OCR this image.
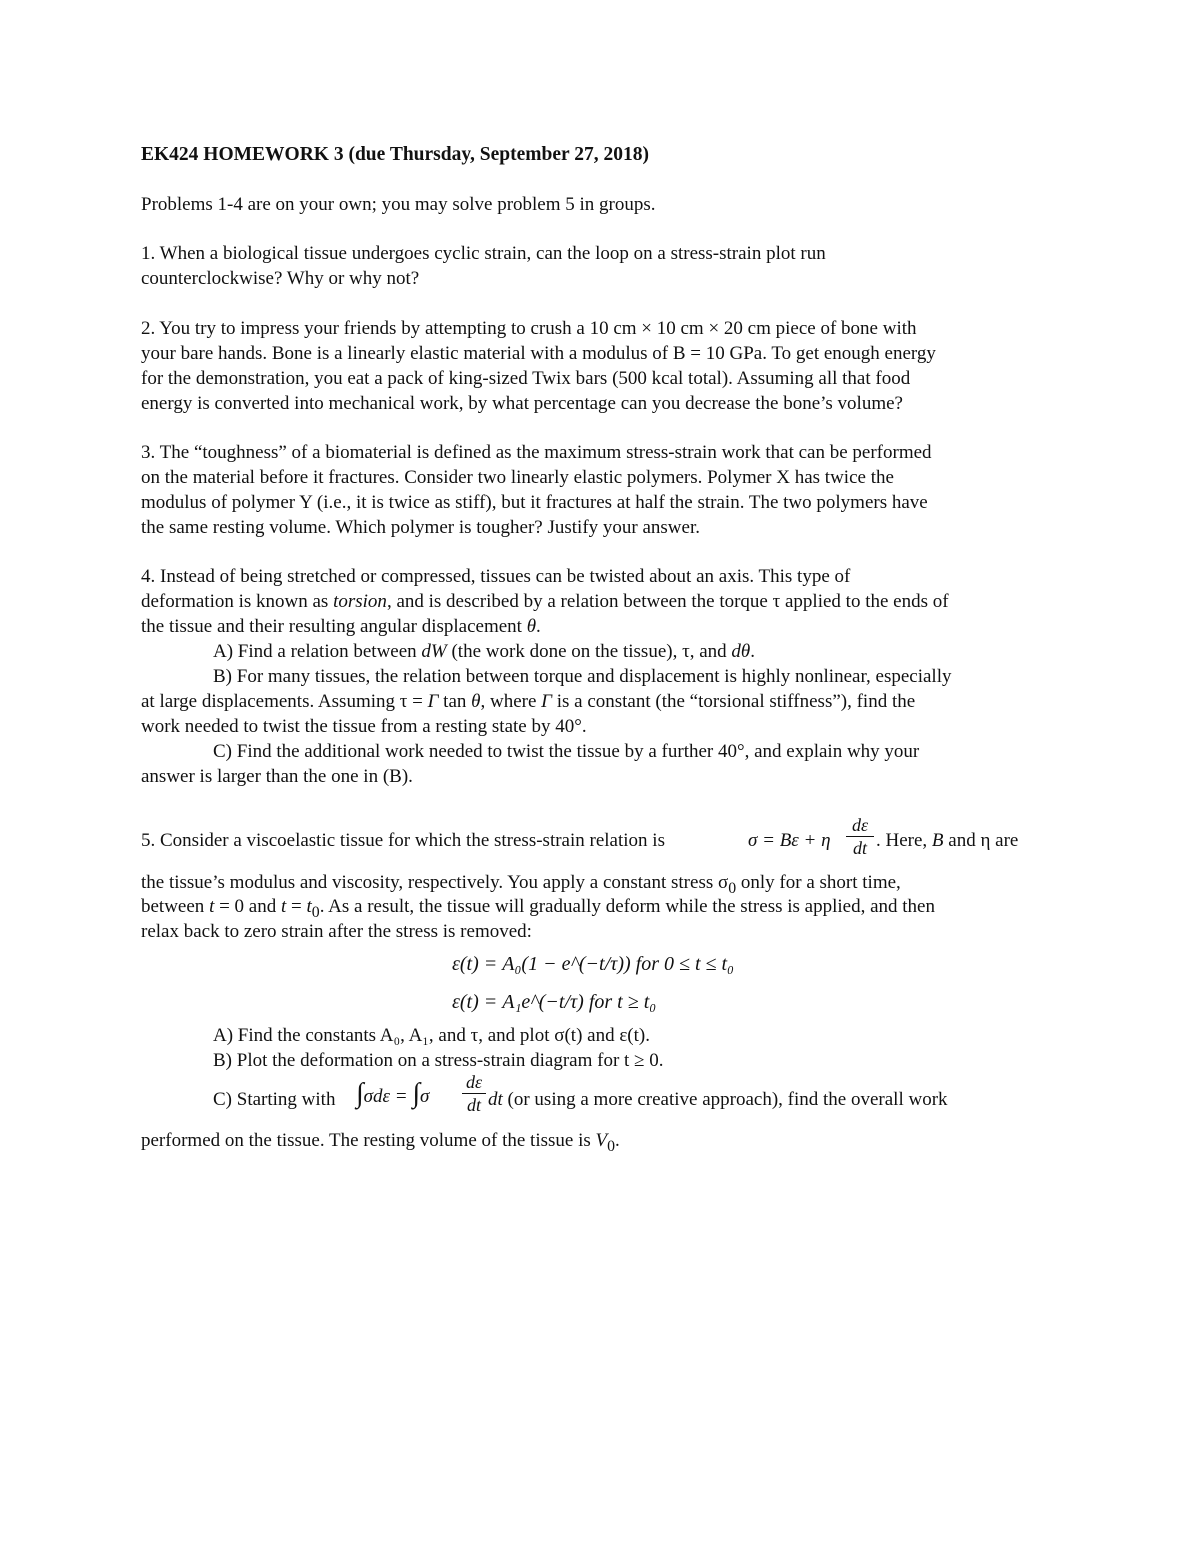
EK424 HOMEWORK 3 (due Thursday, September 27, 2018)
Problems 1-4 are on your own; you may solve problem 5 in groups.
1. When a biological tissue undergoes cyclic strain, can the loop on a stress-strain plot run
counterclockwise? Why or why not?
2. You try to impress your friends by attempting to crush a 10 cm × 10 cm × 20 cm piece of bone with
your bare hands. Bone is a linearly elastic material with a modulus of B = 10 GPa. To get enough energy
for the demonstration, you eat a pack of king-sized Twix bars (500 kcal total). Assuming all that food
energy is converted into mechanical work, by what percentage can you decrease the bone’s volume?
3. The “toughness” of a biomaterial is defined as the maximum stress-strain work that can be performed
on the material before it fractures. Consider two linearly elastic polymers. Polymer X has twice the
modulus of polymer Y (i.e., it is twice as stiff), but it fractures at half the strain. The two polymers have
the same resting volume. Which polymer is tougher? Justify your answer.
4. Instead of being stretched or compressed, tissues can be twisted about an axis. This type of
deformation is known as torsion, and is described by a relation between the torque τ applied to the ends of
the tissue and their resulting angular displacement θ.
A) Find a relation between dW (the work done on the tissue), τ, and dθ.
B) For many tissues, the relation between torque and displacement is highly nonlinear, especially
at large displacements. Assuming τ = Γ tan θ, where Γ is a constant (the “torsional stiffness”), find the
work needed to twist the tissue from a resting state by 40°.
C) Find the additional work needed to twist the tissue by a further 40°, and explain why your
answer is larger than the one in (B).
5. Consider a viscoelastic tissue for which the stress-strain relation is	σ = Bε + η
dε
dt . Here, B and η are
the tissue’s modulus and viscosity, respectively. You apply a constant stress $\sigma_0$ only for a short time,
between t = 0 and $t = t_0$. As a result, the tissue will gradually deform while the stress is applied, and then
relax back to zero strain after the stress is removed:
ε(t) = A₀(1 − e^(−t/τ)) for 0 ≤ t ≤ t₀
ε(t) = A₁e^(−t/τ) for t ≥ t₀
A) Find the constants A₀, A₁, and τ, and plot σ(t) and ε(t).
B) Plot the deformation on a stress-strain diagram for t ≥ 0.
C) Starting with ∫σdε = ∫σ
dε
dt dt (or using a more creative approach), find the overall work
performed on the tissue. The resting volume of the tissue is $V_0$.
